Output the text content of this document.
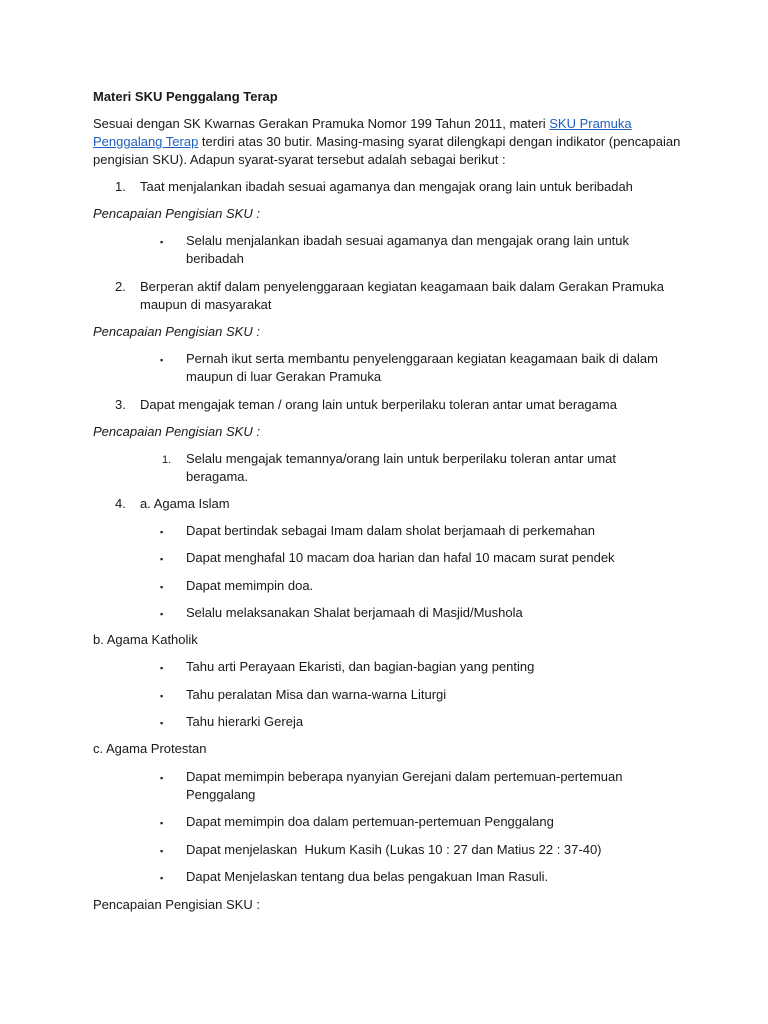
Materi SKU Penggalang Terap
Sesuai dengan SK Kwarnas Gerakan Pramuka Nomor 199 Tahun 2011, materi SKU Pramuka
Penggalang Terap terdiri atas 30 butir. Masing-masing syarat dilengkapi dengan indikator (pencapaian
pengisian SKU). Adapun syarat-syarat tersebut adalah sebagai berikut :
1. Taat menjalankan ibadah sesuai agamanya dan mengajak orang lain untuk beribadah
Pencapaian Pengisian SKU :
▪ Selalu menjalankan ibadah sesuai agamanya dan mengajak orang lain untuk beribadah
2. Berperan aktif dalam penyelenggaraan kegiatan keagamaan baik dalam Gerakan Pramuka maupun di masyarakat
Pencapaian Pengisian SKU :
▪ Pernah ikut serta membantu penyelenggaraan kegiatan keagamaan baik di dalam maupun di luar Gerakan Pramuka
3. Dapat mengajak teman / orang lain untuk berperilaku toleran antar umat beragama
Pencapaian Pengisian SKU :
1. Selalu mengajak temannya/orang lain untuk berperilaku toleran antar umat beragama.
4. a. Agama Islam
▪ Dapat bertindak sebagai Imam dalam sholat berjamaah di perkemahan
▪ Dapat menghafal 10 macam doa harian dan hafal 10 macam surat pendek
▪ Dapat memimpin doa.
▪ Selalu melaksanakan Shalat berjamaah di Masjid/Mushola
b. Agama Katholik
▪ Tahu arti Perayaan Ekaristi, dan bagian-bagian yang penting
▪ Tahu peralatan Misa dan warna-warna Liturgi
▪ Tahu hierarki Gereja
c. Agama Protestan
▪ Dapat memimpin beberapa nyanyian Gerejani dalam pertemuan-pertemuan Penggalang
▪ Dapat memimpin doa dalam pertemuan-pertemuan Penggalang
▪ Dapat menjelaskan  Hukum Kasih (Lukas 10 : 27 dan Matius 22 : 37-40)
▪ Dapat Menjelaskan tentang dua belas pengakuan Iman Rasuli.
Pencapaian Pengisian SKU :
